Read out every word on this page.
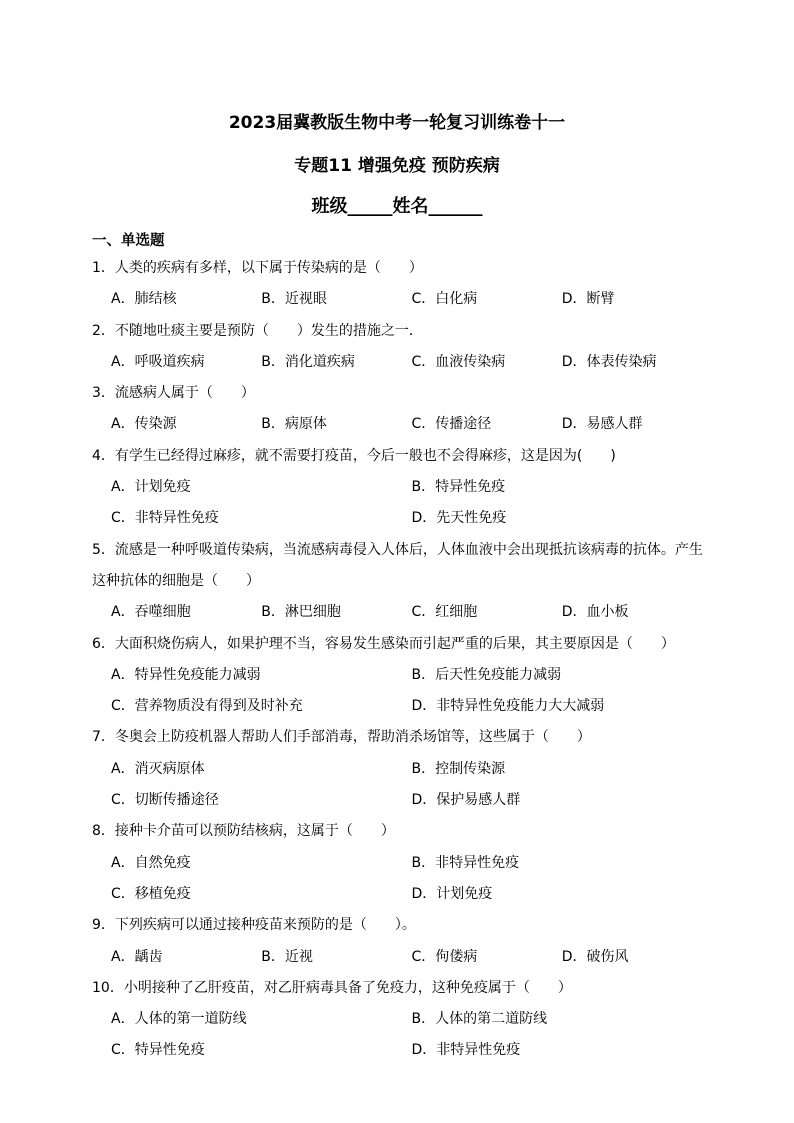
2023届冀教版生物中考一轮复习训练卷十一
专题11 增强免疫 预防疾病
班级_____姓名______
一、单选题
1．人类的疾病有多样，以下属于传染病的是（　　）
A．肺结核	B．近视眼	C．白化病	D．断臂
2．不随地吐痰主要是预防（　　）发生的措施之一．
A．呼吸道疾病	B．消化道疾病	C．血液传染病	D．体表传染病
3．流感病人属于（　　）
A．传染源	B．病原体	C．传播途径	D．易感人群
4．有学生已经得过麻疹，就不需要打疫苗，今后一般也不会得麻疹，这是因为(　　)
A．计划免疫	B．特异性免疫
C．非特异性免疫	D．先天性免疫
5．流感是一种呼吸道传染病，当流感病毒侵入人体后，人体血液中会出现抵抗该病毒的抗体。产生这种抗体的细胞是（　　）
A．吞噬细胞	B．淋巴细胞	C．红细胞	D．血小板
6．大面积烧伤病人，如果护理不当，容易发生感染而引起严重的后果，其主要原因是（　　）
A．特异性免疫能力减弱	B．后天性免疫能力减弱
C．营养物质没有得到及时补充	D．非特异性免疫能力大大减弱
7．冬奥会上防疫机器人帮助人们手部消毒，帮助消杀场馆等，这些属于（　　）
A．消灭病原体	B．控制传染源
C．切断传播途径	D．保护易感人群
8．接种卡介苗可以预防结核病，这属于（　　）
A．自然免疫	B．非特异性免疫
C．移植免疫	D．计划免疫
9．下列疾病可以通过接种疫苗来预防的是（　　）。
A．龋齿	B．近视	C．佝偻病	D．破伤风
10．小明接种了乙肝疫苗，对乙肝病毒具备了免疫力，这种免疫属于（　　）
A．人体的第一道防线	B．人体的第二道防线
C．特异性免疫	D．非特异性免疫
